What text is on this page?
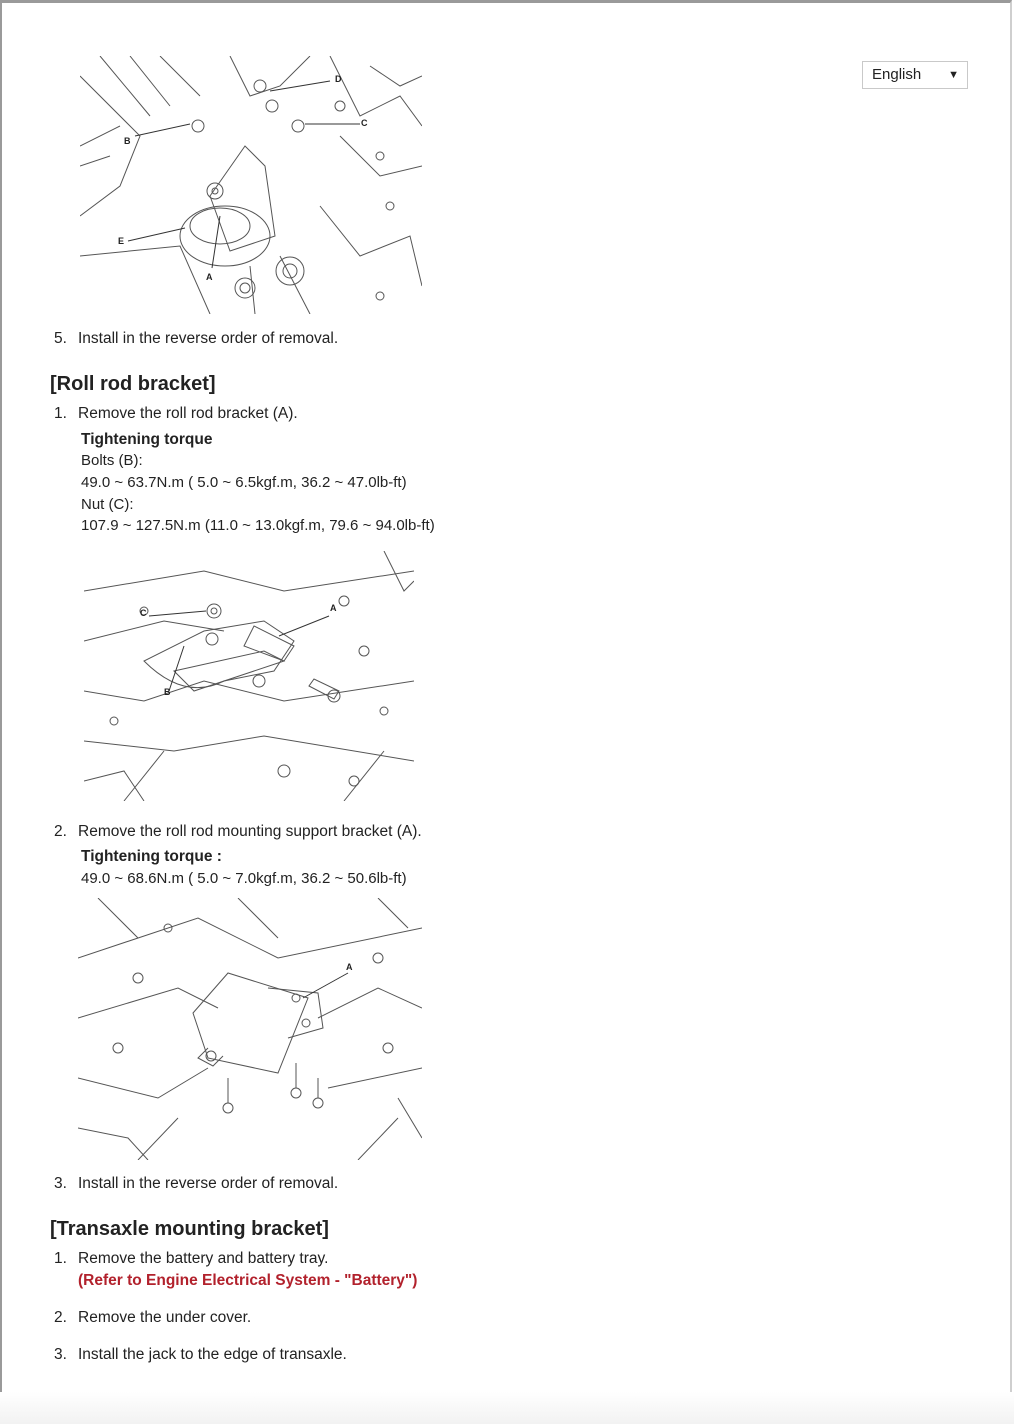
English ▼
D
C
B
E
A
5. Install in the reverse order of removal.
[Roll rod bracket]
1. Remove the roll rod bracket (A).
Tightening torque
Bolts (B):
49.0 ~ 63.7N.m ( 5.0 ~ 6.5kgf.m, 36.2 ~ 47.0lb-ft)
Nut (C):
107.9 ~ 127.5N.m (11.0 ~ 13.0kgf.m, 79.6 ~ 94.0lb-ft)
C
B
A
2. Remove the roll rod mounting support bracket (A).
Tightening torque :
49.0 ~ 68.6N.m ( 5.0 ~ 7.0kgf.m, 36.2 ~ 50.6lb-ft)
A
3. Install in the reverse order of removal.
[Transaxle mounting bracket]
1. Remove the battery and battery tray.
(Refer to Engine Electrical System - "Battery")
2. Remove the under cover.
3. Install the jack to the edge of transaxle.
